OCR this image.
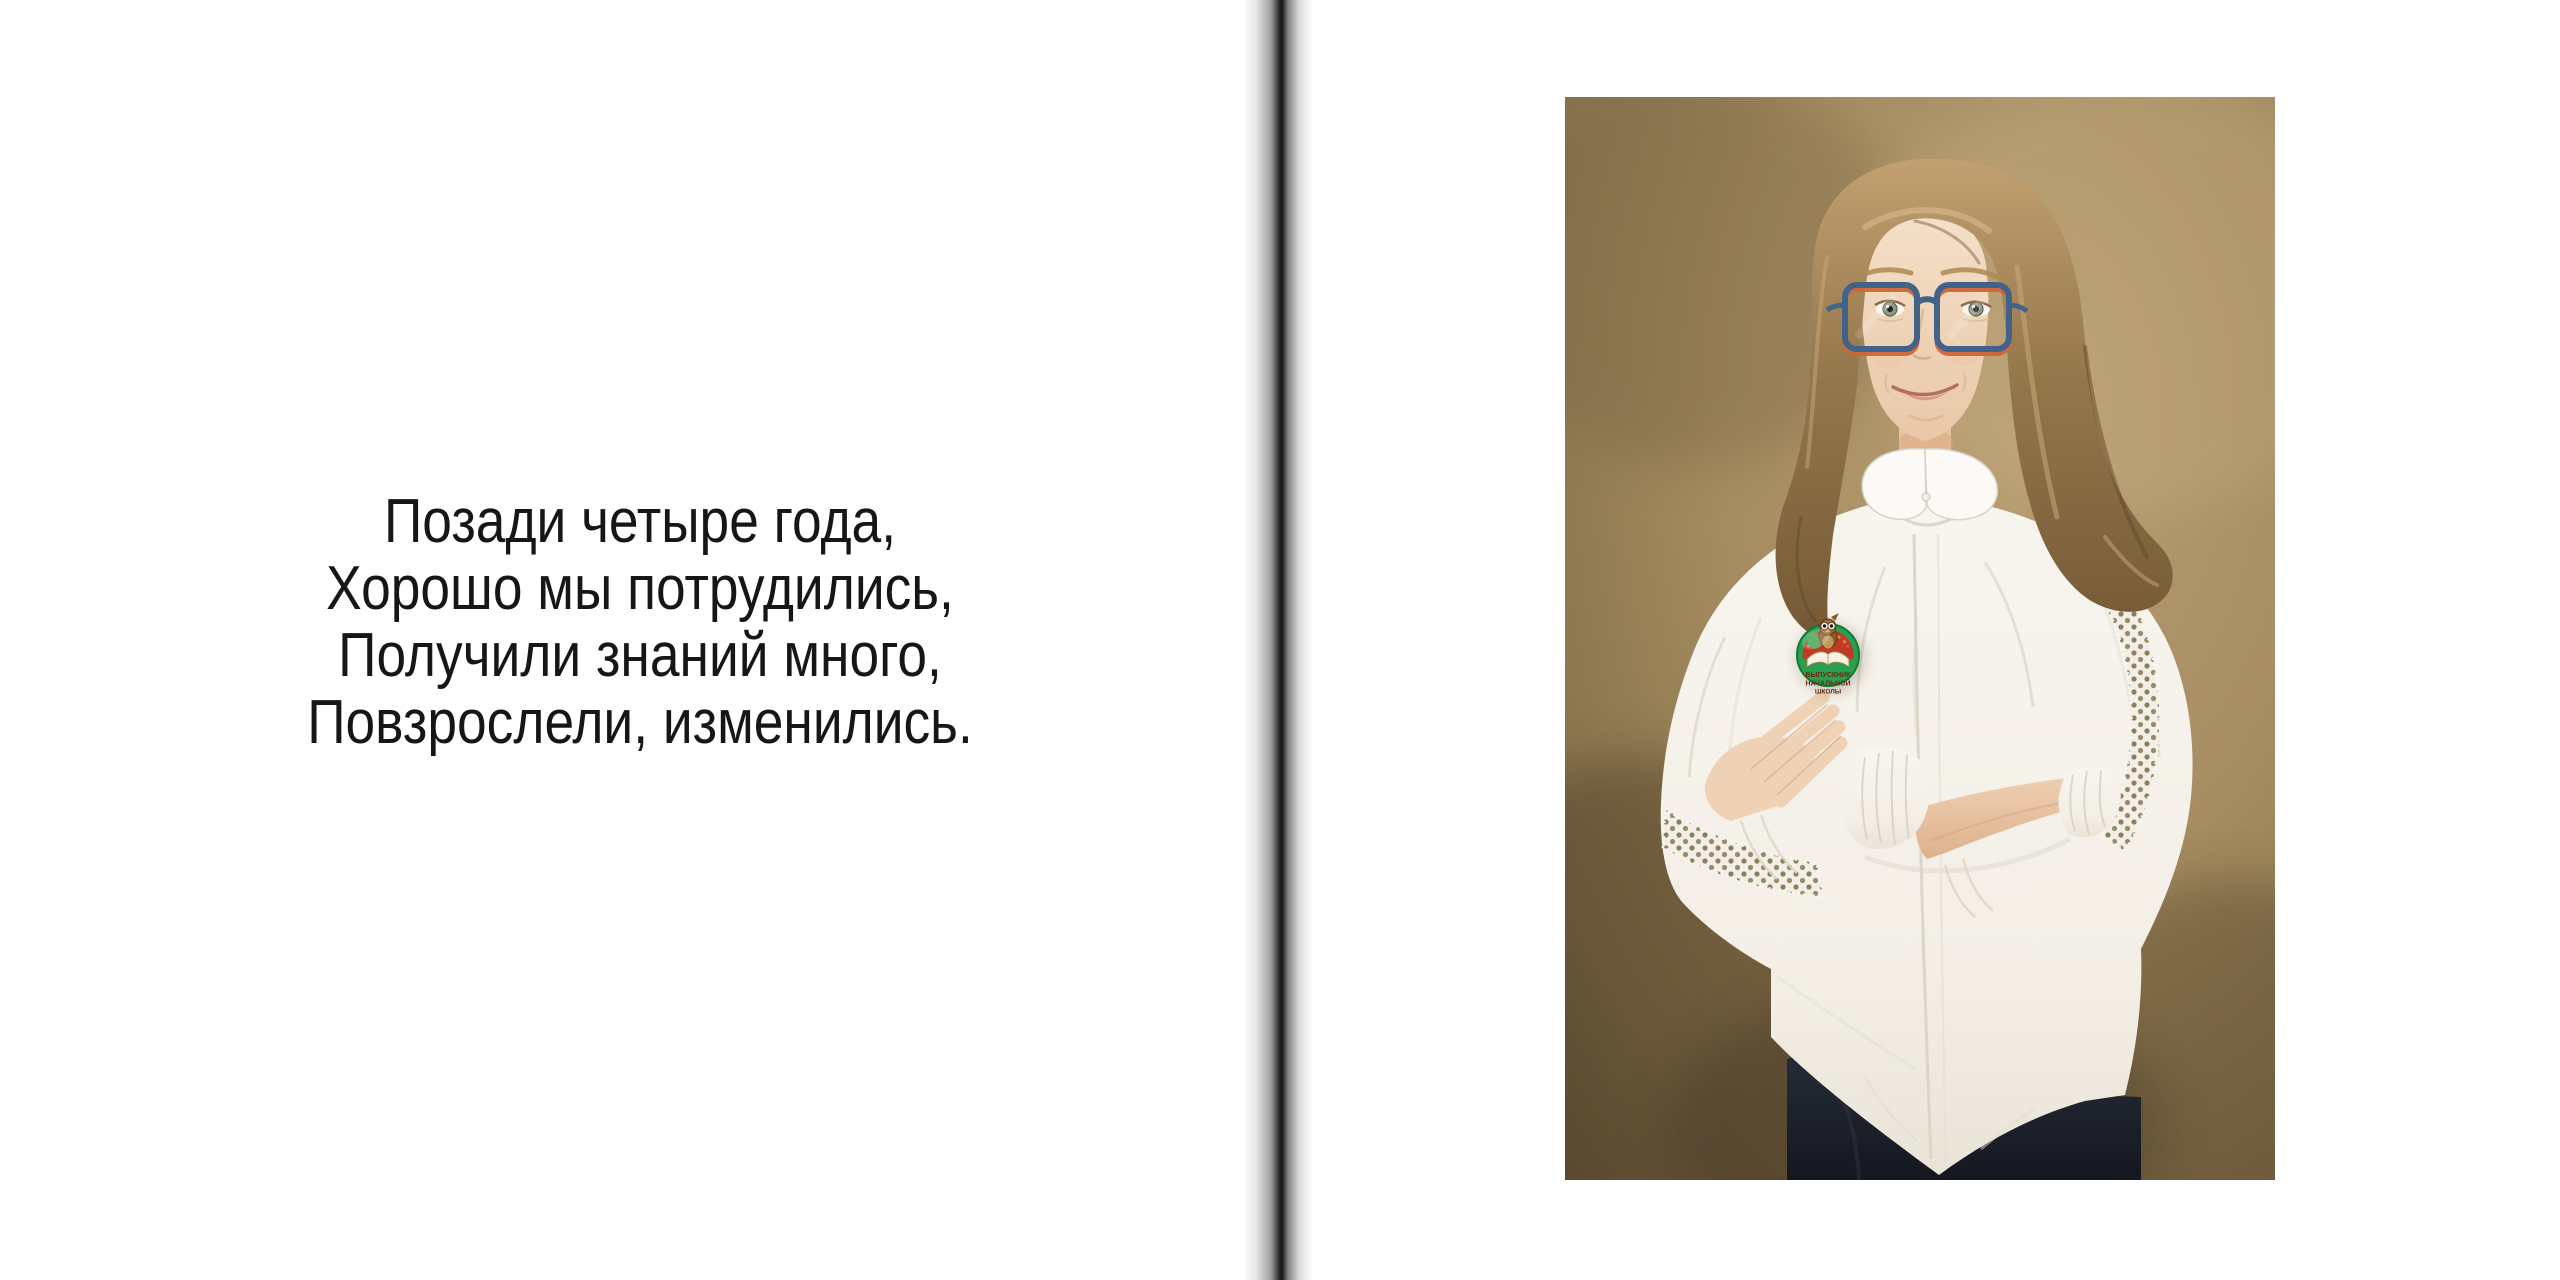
Позади четыре года,
Хорошо мы потрудились,
Получили знаний много,
Повзрослели, изменились.
ВЫПУСКНИК
НАЧАЛЬНОЙ
ШКОЛЫ
